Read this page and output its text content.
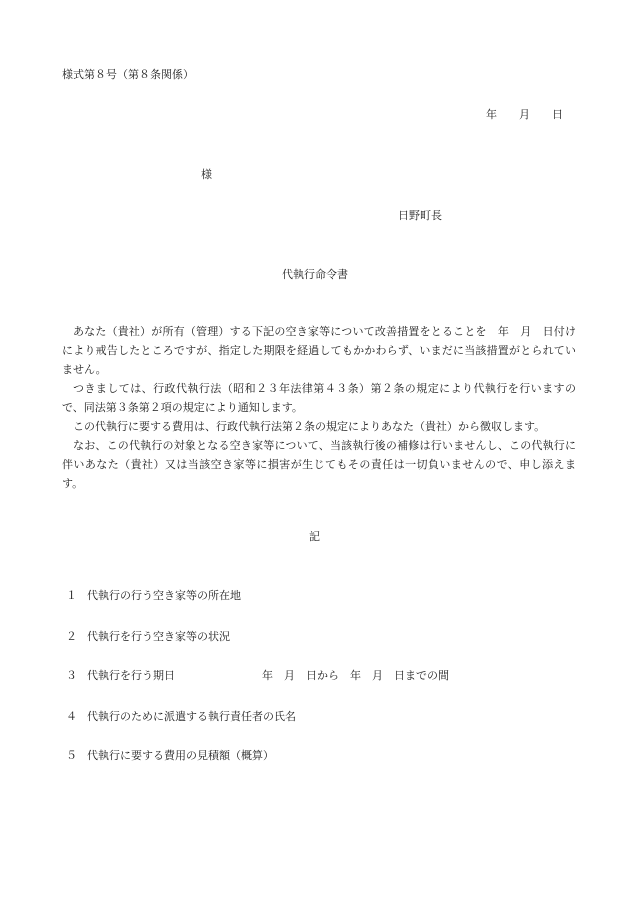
様式第８号（第８条関係）
年 月 日
様
日野町長
代執行命令書

あなた（貴社）が所有（管理）する下記の空き家等について改善措置をとることを　年　月　日付けにより戒告したところですが、指定した期限を経過してもかかわらず、いまだに当該措置がとられていません。

つきましては、行政代執行法（昭和２３年法律第４３条）第２条の規定により代執行を行いますので、同法第３条第２項の規定により通知します。

この代執行に要する費用は、行政代執行法第２条の規定によりあなた（貴社）から徴収します。

なお、この代執行の対象となる空き家等について、当該執行後の補修は行いませんし、この代執行に伴いあなた（貴社）又は当該空き家等に損害が生じてもその責任は一切負いませんので、申し添えます。

記
１ 代執行の行う空き家等の所在地
２ 代執行を行う空き家等の状況
３ 代執行を行う期日	年　月　日から　年　月　日までの間
４ 代執行のために派遣する執行責任者の氏名
５ 代執行に要する費用の見積額（概算）
